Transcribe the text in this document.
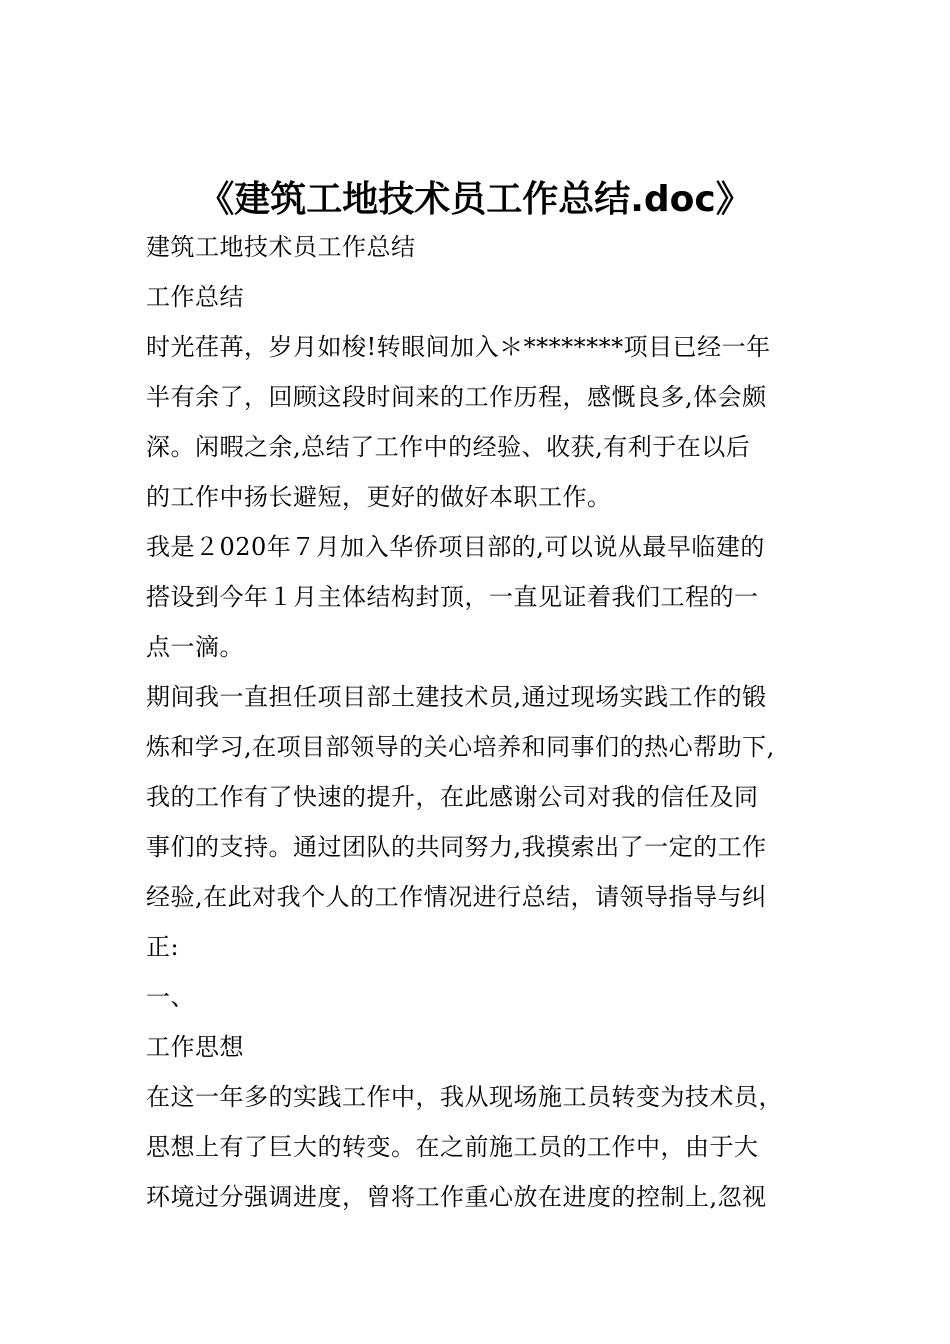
《建筑工地技术员工作总结.doc》

建筑工地技术员工作总结

工作总结

时光荏苒，岁月如梭!转眼间加入＊********项目已经一年

半有余了，回顾这段时间来的工作历程，感慨良多,体会颇

深。闲暇之余,总结了工作中的经验、收获,有利于在以后

的工作中扬长避短，更好的做好本职工作。

我是２020年７月加入华侨项目部的,可以说从最早临建的

搭设到今年１月主体结构封顶，一直见证着我们工程的一

点一滴。

期间我一直担任项目部土建技术员,通过现场实践工作的锻

炼和学习,在项目部领导的关心培养和同事们的热心帮助下,

我的工作有了快速的提升，在此感谢公司对我的信任及同

事们的支持。通过团队的共同努力,我摸索出了一定的工作

经验,在此对我个人的工作情况进行总结，请领导指导与纠

正:

一、

工作思想

在这一年多的实践工作中，我从现场施工员转变为技术员，

思想上有了巨大的转变。在之前施工员的工作中，由于大

环境过分强调进度，曾将工作重心放在进度的控制上,忽视
